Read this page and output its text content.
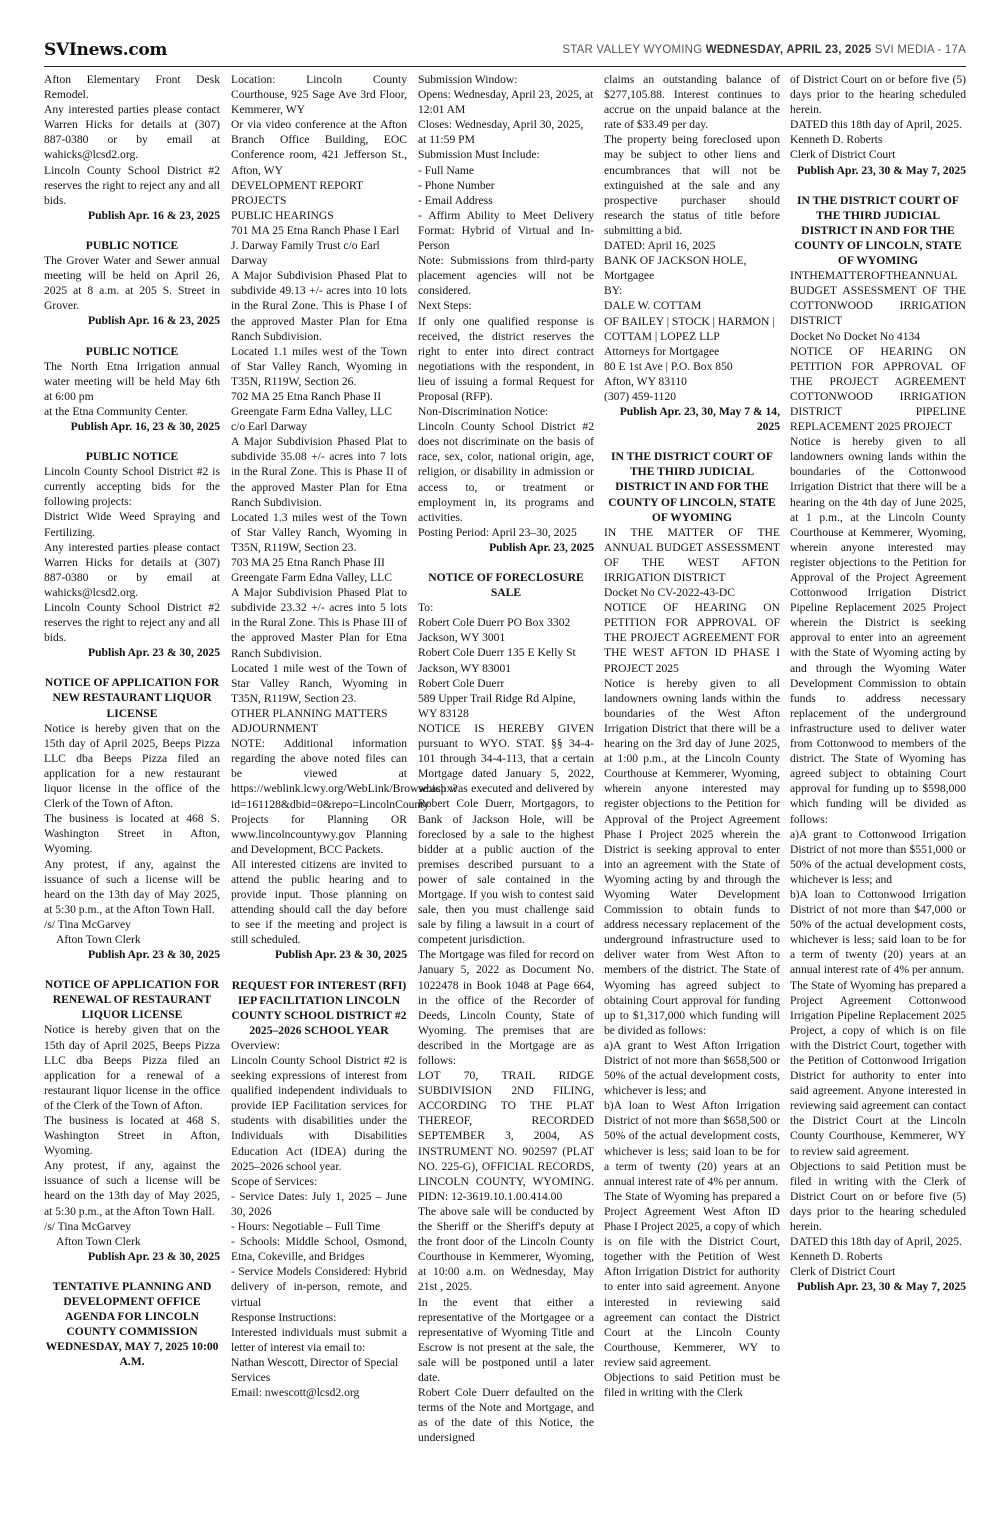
SVInews.com	STAR VALLEY WYOMING WEDNESDAY, APRIL 23, 2025 SVI MEDIA - 17A

Afton Elementary Front Desk Remodel.

Any interested parties please contact Warren Hicks for details at (307) 887-0380 or by email at wahicks@lcsd2.org.

Lincoln County School District #2 reserves the right to reject any and all bids.

Publish Apr. 16 & 23, 2025

PUBLIC NOTICE

The Grover Water and Sewer annual meeting will be held on April 26, 2025 at 8 a.m. at 205 S. Street in Grover.

Publish Apr. 16 & 23, 2025

PUBLIC NOTICE

The North Etna Irrigation annual water meeting will be held May 6th at 6:00 pm

at the Etna Community Center.

Publish Apr. 16, 23 & 30, 2025

PUBLIC NOTICE

Lincoln County School District #2 is currently accepting bids for the following projects:

District Wide Weed Spraying and Fertilizing.

Any interested parties please contact Warren Hicks for details at (307) 887-0380 or by email at wahicks@lcsd2.org.

Lincoln County School District #2 reserves the right to reject any and all bids.

Publish Apr. 23 & 30, 2025

NOTICE OF APPLICATION FOR NEW RESTAURANT LIQUOR LICENSE

Notice is hereby given that on the 15th day of April 2025, Beeps Pizza LLC dba Beeps Pizza filed an application for a new restaurant liquor license in the office of the Clerk of the Town of Afton.

The business is located at 468 S. Washington Street in Afton, Wyoming.

Any protest, if any, against the issuance of such a license will be heard on the 13th day of May 2025, at 5:30 p.m., at the Afton Town Hall.

/s/ Tina McGarvey

Afton Town Clerk

Publish Apr. 23 & 30, 2025

NOTICE OF APPLICATION FOR RENEWAL OF RESTAURANT LIQUOR LICENSE

Notice is hereby given that on the 15th day of April 2025, Beeps Pizza LLC dba Beeps Pizza filed an application for a renewal of a restaurant liquor license in the office of the Clerk of the Town of Afton.

The business is located at 468 S. Washington Street in Afton, Wyoming.

Any protest, if any, against the issuance of such a license will be heard on the 13th day of May 2025, at 5:30 p.m., at the Afton Town Hall.

/s/ Tina McGarvey

Afton Town Clerk

Publish Apr. 23 & 30, 2025

TENTATIVE PLANNING AND DEVELOPMENT OFFICE AGENDA FOR LINCOLN COUNTY COMMISSION WEDNESDAY, MAY 7, 2025 10:00 A.M.

Location: Lincoln County Courthouse, 925 Sage Ave 3rd Floor, Kemmerer, WY

Or via video conference at the Afton Branch Office Building, EOC Conference room, 421 Jefferson St., Afton, WY

DEVELOPMENT REPORT PROJECTS

PUBLIC HEARINGS

701 MA 25 Etna Ranch Phase I Earl J. Darway Family Trust c/o Earl Darway

A Major Subdivision Phased Plat to subdivide 49.13 +/- acres into 10 lots in the Rural Zone. This is Phase I of the approved Master Plan for Etna Ranch Subdivision.

Located 1.1 miles west of the Town of Star Valley Ranch, Wyoming in T35N, R119W, Section 26.

702 MA 25 Etna Ranch Phase II Greengate Farm Edna Valley, LLC c/o Earl Darway

A Major Subdivision Phased Plat to subdivide 35.08 +/- acres into 7 lots in the Rural Zone. This is Phase II of the approved Master Plan for Etna Ranch Subdivision.

Located 1.3 miles west of the Town of Star Valley Ranch, Wyoming in T35N, R119W, Section 23.

703 MA 25 Etna Ranch Phase III Greengate Farm Edna Valley, LLC

A Major Subdivision Phased Plat to subdivide 23.32 +/- acres into 5 lots in the Rural Zone. This is Phase III of the approved Master Plan for Etna Ranch Subdivision.

Located 1 mile west of the Town of Star Valley Ranch, Wyoming in T35N, R119W, Section 23.

OTHER PLANNING MATTERS

ADJOURNMENT

NOTE: Additional information regarding the above noted files can be viewed at https://weblink.lcwy.org/WebLink/Browse.aspx?id=161128&dbid=0&repo=LincolnCounty

Projects for Planning OR www.lincolncountywy.gov Planning and Development, BCC Packets.

All interested citizens are invited to attend the public hearing and to provide input. Those planning on attending should call the day before to see if the meeting and project is still scheduled.

Publish Apr. 23 & 30, 2025

REQUEST FOR INTEREST (RFI) IEP FACILITATION LINCOLN COUNTY SCHOOL DISTRICT #2 2025–2026 SCHOOL YEAR

Overview:

Lincoln County School District #2 is seeking expressions of interest from qualified independent individuals to provide IEP Facilitation services for students with disabilities under the Individuals with Disabilities Education Act (IDEA) during the 2025–2026 school year.

Scope of Services:

- Service Dates: July 1, 2025 – June 30, 2026

- Hours: Negotiable – Full Time

- Schools: Middle School, Osmond, Etna, Cokeville, and Bridges

- Service Models Considered: Hybrid delivery of in-person, remote, and virtual

Response Instructions:

Interested individuals must submit a letter of interest via email to:

Nathan Wescott, Director of Special Services

Email: nwescott@lcsd2.org

Submission Window:

Opens: Wednesday, April 23, 2025, at 12:01 AM

Closes: Wednesday, April 30, 2025, at 11:59 PM

Submission Must Include:

- Full Name

- Phone Number

- Email Address

- Affirm Ability to Meet Delivery Format: Hybrid of Virtual and In-Person

Note: Submissions from third-party placement agencies will not be considered.

Next Steps:

If only one qualified response is received, the district reserves the right to enter into direct contract negotiations with the respondent, in lieu of issuing a formal Request for Proposal (RFP).

Non-Discrimination Notice:

Lincoln County School District #2 does not discriminate on the basis of race, sex, color, national origin, age, religion, or disability in admission or access to, or treatment or employment in, its programs and activities.

Posting Period: April 23–30, 2025

Publish Apr. 23, 2025

NOTICE OF FORECLOSURE SALE

To:

Robert Cole Duerr PO Box 3302 Jackson, WY 3001

Robert Cole Duerr 135 E Kelly St Jackson, WY 83001

Robert Cole Duerr

589 Upper Trail Ridge Rd Alpine, WY 83128

NOTICE IS HEREBY GIVEN pursuant to WYO. STAT. §§ 34-4-101 through 34-4-113, that a certain Mortgage dated January 5, 2022, which was executed and delivered by Robert Cole Duerr, Mortgagors, to Bank of Jackson Hole, will be foreclosed by a sale to the highest bidder at a public auction of the premises described pursuant to a power of sale contained in the Mortgage. If you wish to contest said sale, then you must challenge said sale by filing a lawsuit in a court of competent jurisdiction.

The Mortgage was filed for record on January 5, 2022 as Document No. 1022478 in Book 1048 at Page 664, in the office of the Recorder of Deeds, Lincoln County, State of Wyoming. The premises that are described in the Mortgage are as follows:

LOT 70, TRAIL RIDGE SUBDIVISION 2ND FILING, ACCORDING TO THE PLAT THEREOF, RECORDED SEPTEMBER 3, 2004, AS INSTRUMENT NO. 902597 (PLAT NO. 225-G), OFFICIAL RECORDS, LINCOLN COUNTY, WYOMING. PIDN: 12-3619.10.1.00.414.00

The above sale will be conducted by the Sheriff or the Sheriff's deputy at the front door of the Lincoln County Courthouse in Kemmerer, Wyoming, at 10:00 a.m. on Wednesday, May 21st , 2025.

In the event that either a representative of the Mortgagee or a representative of Wyoming Title and Escrow is not present at the sale, the sale will be postponed until a later date.

Robert Cole Duerr defaulted on the terms of the Note and Mortgage, and as of the date of this Notice, the undersigned

claims an outstanding balance of $277,105.88. Interest continues to accrue on the unpaid balance at the rate of $33.49 per day.

The property being foreclosed upon may be subject to other liens and encumbrances that will not be extinguished at the sale and any prospective purchaser should research the status of title before submitting a bid.

DATED: April 16, 2025

BANK OF JACKSON HOLE, Mortgagee

BY:

DALE W. COTTAM

OF BAILEY | STOCK | HARMON | COTTAM | LOPEZ LLP

Attorneys for Mortgagee

80 E 1st Ave | P.O. Box 850

Afton, WY 83110

(307) 459-1120

Publish Apr. 23, 30, May 7 & 14, 2025

IN THE DISTRICT COURT OF THE THIRD JUDICIAL DISTRICT IN AND FOR THE COUNTY OF LINCOLN, STATE OF WYOMING

IN THE MATTER OF THE ANNUAL BUDGET ASSESSMENT OF THE WEST AFTON IRRIGATION DISTRICT

Docket No CV-2022-43-DC

NOTICE OF HEARING ON PETITION FOR APPROVAL OF THE PROJECT AGREEMENT FOR THE WEST AFTON ID PHASE I PROJECT 2025

Notice is hereby given to all landowners owning lands within the boundaries of the West Afton Irrigation District that there will be a hearing on the 3rd day of June 2025, at 1:00 p.m., at the Lincoln County Courthouse at Kemmerer, Wyoming, wherein anyone interested may register objections to the Petition for Approval of the Project Agreement Phase I Project 2025 wherein the District is seeking approval to enter into an agreement with the State of Wyoming acting by and through the Wyoming Water Development Commission to obtain funds to address necessary replacement of the underground infrastructure used to deliver water from West Afton to members of the district. The State of Wyoming has agreed subject to obtaining Court approval for funding up to $1,317,000 which funding will be divided as follows:

a)A grant to West Afton Irrigation District of not more than $658,500 or 50% of the actual development costs, whichever is less; and

b)A loan to West Afton Irrigation District of not more than $658,500 or 50% of the actual development costs, whichever is less; said loan to be for a term of twenty (20) years at an annual interest rate of 4% per annum.

The State of Wyoming has prepared a Project Agreement West Afton ID Phase I Project 2025, a copy of which is on file with the District Court, together with the Petition of West Afton Irrigation District for authority to enter into said agreement. Anyone interested in reviewing said agreement can contact the District Court at the Lincoln County Courthouse, Kemmerer, WY to review said agreement.

Objections to said Petition must be filed in writing with the Clerk

of District Court on or before five (5) days prior to the hearing scheduled herein.

DATED this 18th day of April, 2025.

Kenneth D. Roberts

Clerk of District Court

Publish Apr. 23, 30 & May 7, 2025

IN THE DISTRICT COURT OF THE THIRD JUDICIAL DISTRICT IN AND FOR THE COUNTY OF LINCOLN, STATE OF WYOMING

INTHEMATTEROFTHEANNUAL BUDGET ASSESSMENT OF THE COTTONWOOD IRRIGATION DISTRICT

Docket No Docket No 4134

NOTICE OF HEARING ON PETITION FOR APPROVAL OF THE PROJECT AGREEMENT COTTONWOOD IRRIGATION DISTRICT PIPELINE REPLACEMENT 2025 PROJECT

Notice is hereby given to all landowners owning lands within the boundaries of the Cottonwood Irrigation District that there will be a hearing on the 4th day of June 2025, at 1 p.m., at the Lincoln County Courthouse at Kemmerer, Wyoming, wherein anyone interested may register objections to the Petition for Approval of the Project Agreement Cottonwood Irrigation District Pipeline Replacement 2025 Project wherein the District is seeking approval to enter into an agreement with the State of Wyoming acting by and through the Wyoming Water Development Commission to obtain funds to address necessary replacement of the underground infrastructure used to deliver water from Cottonwood to members of the district. The State of Wyoming has agreed subject to obtaining Court approval for funding up to $598,000 which funding will be divided as follows:

a)A grant to Cottonwood Irrigation District of not more than $551,000 or 50% of the actual development costs, whichever is less; and

b)A loan to Cottonwood Irrigation District of not more than $47,000 or 50% of the actual development costs, whichever is less; said loan to be for a term of twenty (20) years at an annual interest rate of 4% per annum.

The State of Wyoming has prepared a Project Agreement Cottonwood Irrigation Pipeline Replacement 2025 Project, a copy of which is on file with the District Court, together with the Petition of Cottonwood Irrigation District for authority to enter into said agreement. Anyone interested in reviewing said agreement can contact the District Court at the Lincoln County Courthouse, Kemmerer, WY to review said agreement.

Objections to said Petition must be filed in writing with the Clerk of District Court on or before five (5) days prior to the hearing scheduled herein.

DATED this 18th day of April, 2025.

Kenneth D. Roberts

Clerk of District Court

Publish Apr. 23, 30 & May 7, 2025
